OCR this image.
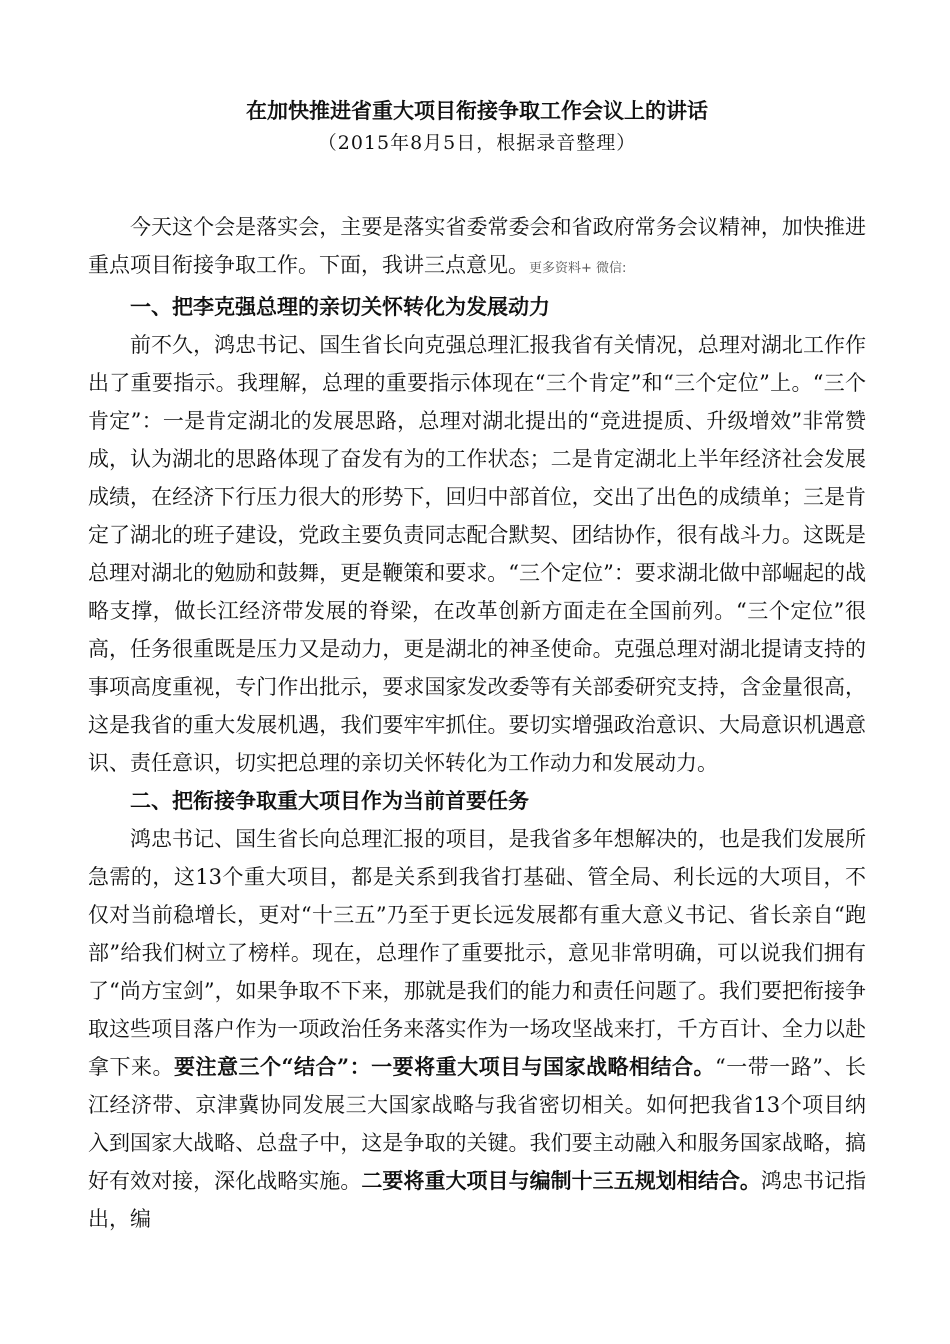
在加快推进省重大项目衔接争取工作会议上的讲话
（2015年8月5日，根据录音整理）

今天这个会是落实会，主要是落实省委常委会和省政府常务会议精神，加快推进重点项目衔接争取工作。下面，我讲三点意见。更多资料+ 微信:

一、把李克强总理的亲切关怀转化为发展动力

前不久，鸿忠书记、国生省长向克强总理汇报我省有关情况，总理对湖北工作作出了重要指示。我理解，总理的重要指示体现在“三个肯定”和“三个定位”上。“三个肯定”：一是肯定湖北的发展思路，总理对湖北提出的“竞进提质、升级增效”非常赞成，认为湖北的思路体现了奋发有为的工作状态；二是肯定湖北上半年经济社会发展成绩，在经济下行压力很大的形势下，回归中部首位，交出了出色的成绩单；三是肯定了湖北的班子建设，党政主要负责同志配合默契、团结协作，很有战斗力。这既是总理对湖北的勉励和鼓舞，更是鞭策和要求。“三个定位”：要求湖北做中部崛起的战略支撑，做长江经济带发展的脊梁，在改革创新方面走在全国前列。“三个定位”很高，任务很重既是压力又是动力，更是湖北的神圣使命。克强总理对湖北提请支持的事项高度重视，专门作出批示，要求国家发改委等有关部委研究支持，含金量很高，这是我省的重大发展机遇，我们要牢牢抓住。要切实增强政治意识、大局意识机遇意识、责任意识，切实把总理的亲切关怀转化为工作动力和发展动力。

二、把衔接争取重大项目作为当前首要任务

鸿忠书记、国生省长向总理汇报的项目，是我省多年想解决的，也是我们发展所急需的，这13个重大项目，都是关系到我省打基础、管全局、利长远的大项目，不仅对当前稳增长，更对“十三五”乃至于更长远发展都有重大意义书记、省长亲自“跑部”给我们树立了榜样。现在，总理作了重要批示，意见非常明确，可以说我们拥有了“尚方宝剑”，如果争取不下来，那就是我们的能力和责任问题了。我们要把衔接争取这些项目落户作为一项政治任务来落实作为一场攻坚战来打，千方百计、全力以赴拿下来。要注意三个“结合”：一要将重大项目与国家战略相结合。“一带一路”、长江经济带、京津冀协同发展三大国家战略与我省密切相关。如何把我省13个项目纳入到国家大战略、总盘子中，这是争取的关键。我们要主动融入和服务国家战略，搞好有效对接，深化战略实施。二要将重大项目与编制十三五规划相结合。鸿忠书记指出，编
